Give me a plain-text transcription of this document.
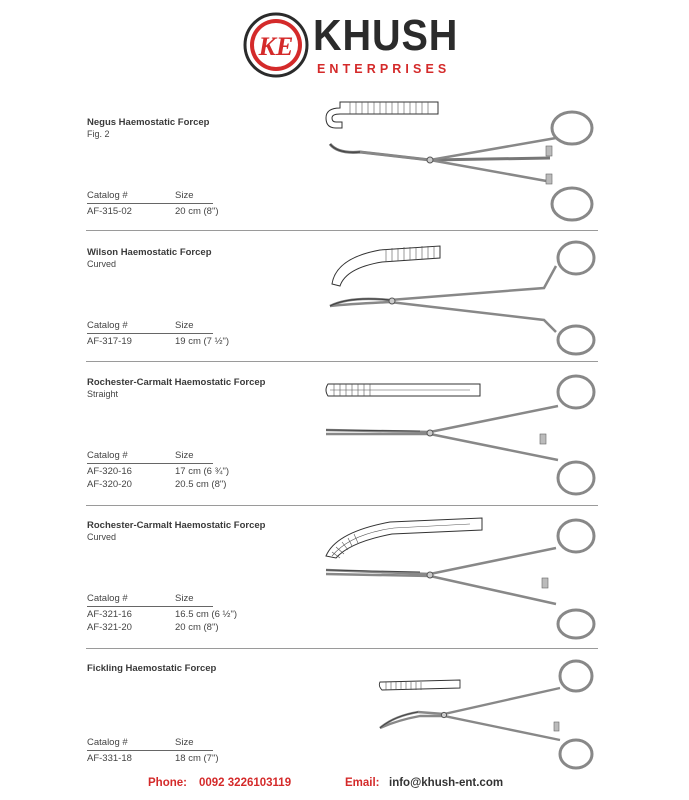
KE KHUSH
ENTERPRISES
Negus Haemostatic Forcep
Fig. 2
Catalog #	Size
AF-315-02	20 cm (8")
Wilson Haemostatic Forcep
Curved
Catalog #	Size
AF-317-19	19 cm (7 ½")
Rochester-Carmalt Haemostatic Forcep
Straight
Catalog #	Size
AF-320-16	17 cm (6 ¾")
AF-320-20	20.5 cm (8")
Rochester-Carmalt Haemostatic Forcep
Curved
Catalog #	Size
AF-321-16	16.5 cm (6 ½")
AF-321-20	20 cm (8")
Fickling Haemostatic Forcep
Catalog #	Size
AF-331-18	18 cm (7")
Phone: 0092 3226103119	Email: info@khush-ent.com
